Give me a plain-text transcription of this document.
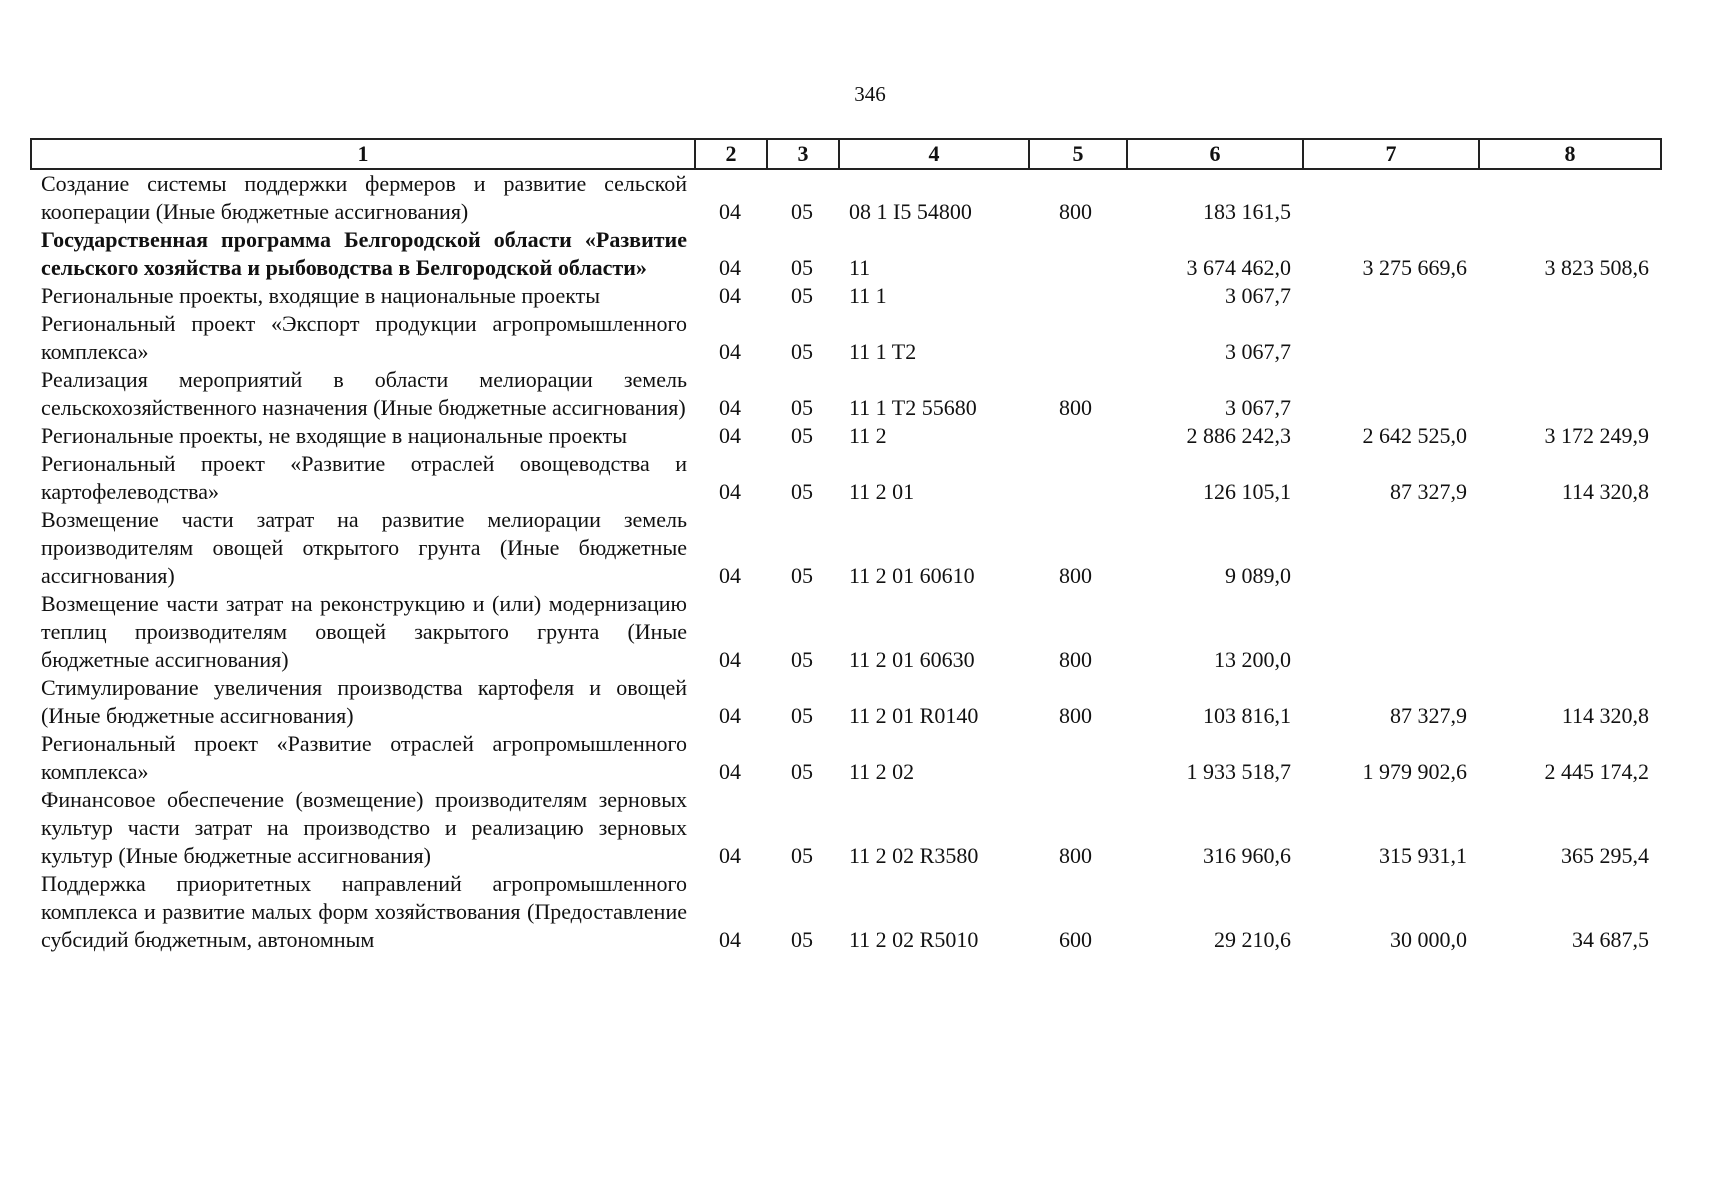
346
1	2	3	4	5	6	7	8
Создание системы поддержки фермеров и развитие сельской кооперации (Иные бюджетные ассигнования)	04	05	08 1 I5 54800	800	183 161,5		
Государственная программа Белгородской области «Развитие сельского хозяйства и рыбоводства в Белгородской области»	04	05	11		3 674 462,0	3 275 669,6	3 823 508,6
Региональные проекты, входящие в национальные проекты	04	05	11 1		3 067,7		
Региональный проект «Экспорт продукции агропромышленного комплекса»	04	05	11 1 T2		3 067,7		
Реализация мероприятий в области мелиорации земель сельскохозяйственного назначения (Иные бюджетные ассигнования)	04	05	11 1 T2 55680	800	3 067,7		
Региональные проекты, не входящие в национальные проекты	04	05	11 2		2 886 242,3	2 642 525,0	3 172 249,9
Региональный проект «Развитие отраслей овощеводства и картофелеводства»	04	05	11 2 01		126 105,1	87 327,9	114 320,8
Возмещение части затрат на развитие мелиорации земель производителям овощей открытого грунта (Иные бюджетные ассигнования)	04	05	11 2 01 60610	800	9 089,0		
Возмещение части затрат на реконструкцию и (или) модернизацию теплиц производителям овощей закрытого грунта (Иные бюджетные ассигнования)	04	05	11 2 01 60630	800	13 200,0		
Стимулирование увеличения производства картофеля и овощей (Иные бюджетные ассигнования)	04	05	11 2 01 R0140	800	103 816,1	87 327,9	114 320,8
Региональный проект «Развитие отраслей агропромышленного комплекса»	04	05	11 2 02		1 933 518,7	1 979 902,6	2 445 174,2
Финансовое обеспечение (возмещение) производителям зерновых культур части затрат на производство и реализацию зерновых культур (Иные бюджетные ассигнования)	04	05	11 2 02 R3580	800	316 960,6	315 931,1	365 295,4
Поддержка приоритетных направлений агропромышленного комплекса и развитие малых форм хозяйствования (Предоставление субсидий бюджетным, автономным	04	05	11 2 02 R5010	600	29 210,6	30 000,0	34 687,5
